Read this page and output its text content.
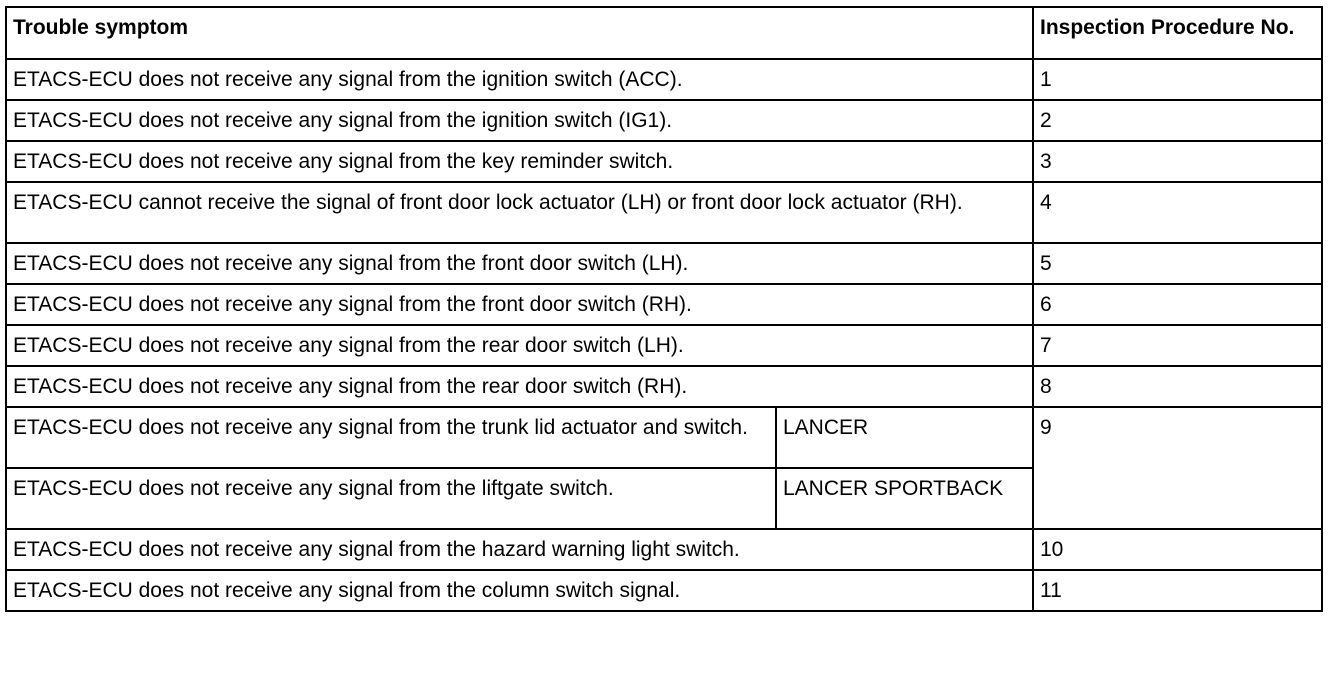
Trouble symptom		Inspection Procedure No.
ETACS-ECU does not receive any signal from the ignition switch (ACC).		1
ETACS-ECU does not receive any signal from the ignition switch (IG1).		2
ETACS-ECU does not receive any signal from the key reminder switch.		3
ETACS-ECU cannot receive the signal of front door lock actuator (LH) or front door lock actuator (RH).		4
ETACS-ECU does not receive any signal from the front door switch (LH).		5
ETACS-ECU does not receive any signal from the front door switch (RH).		6
ETACS-ECU does not receive any signal from the rear door switch (LH).		7
ETACS-ECU does not receive any signal from the rear door switch (RH).		8
ETACS-ECU does not receive any signal from the trunk lid actuator and switch.	LANCER	9
ETACS-ECU does not receive any signal from the liftgate switch.	LANCER SPORTBACK	
ETACS-ECU does not receive any signal from the hazard warning light switch.		10
ETACS-ECU does not receive any signal from the column switch signal.		11
